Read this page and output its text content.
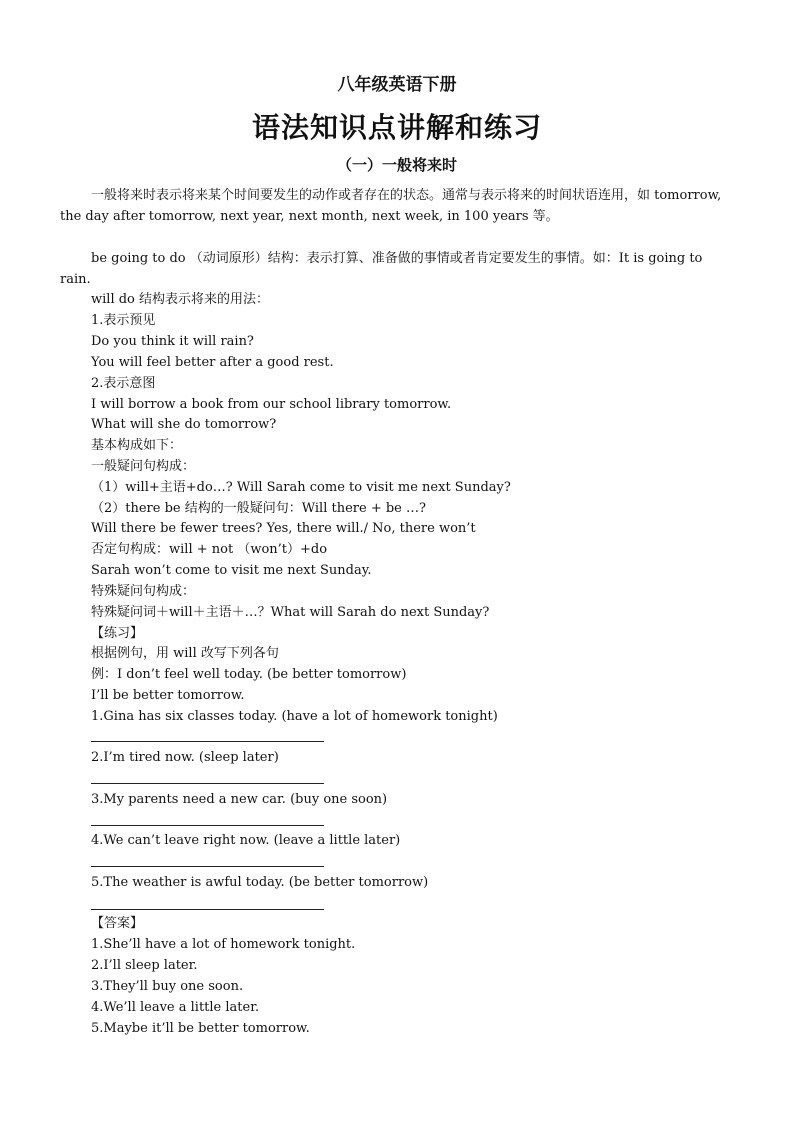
八年级英语下册
语法知识点讲解和练习
（一）一般将来时
一般将来时表示将来某个时间要发生的动作或者存在的状态。通常与表示将来的时间状语连用，如 tomorrow, the day after tomorrow, next year, next month, next week, in 100 years 等。
be going to do （动词原形）结构：表示打算、准备做的事情或者肯定要发生的事情。如：It is going to rain.
will do 结构表示将来的用法：
1.表示预见
Do you think it will rain?
You will feel better after a good rest.
2.表示意图
I will borrow a book from our school library tomorrow.
What will she do tomorrow?
基本构成如下：
一般疑问句构成：
（1）will+主语+do…? Will Sarah come to visit me next Sunday?
（2）there be 结构的一般疑问句：Will there + be …?
Will there be fewer trees? Yes, there will./ No, there won’t
否定句构成：will + not （won’t）+do
Sarah won’t come to visit me next Sunday.
特殊疑问句构成：
特殊疑问词＋will＋主语＋…？What will Sarah do next Sunday?
【练习】
根据例句，用 will 改写下列各句
例：I don’t feel well today. (be better tomorrow)
I’ll be better tomorrow.
1.Gina has six classes today. (have a lot of homework tonight)
2.I’m tired now. (sleep later)
3.My parents need a new car. (buy one soon)
4.We can’t leave right now. (leave a little later)
5.The weather is awful today. (be better tomorrow)
【答案】
1.She’ll have a lot of homework tonight.
2.I’ll sleep later.
3.They’ll buy one soon.
4.We’ll leave a little later.
5.Maybe it’ll be better tomorrow.
